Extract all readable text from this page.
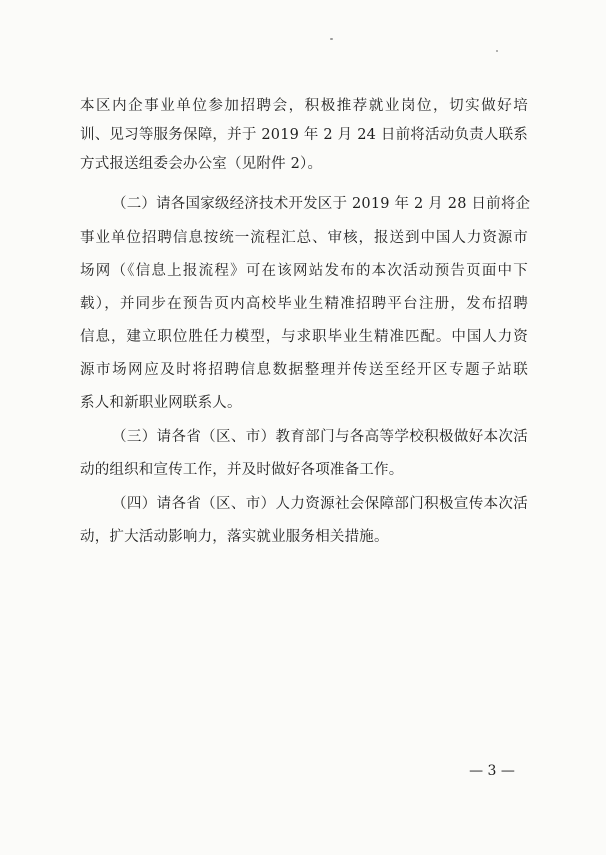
本区内企事业单位参加招聘会，积极推荐就业岗位，切实做好培
训、见习等服务保障，并于 2019 年 2 月 24 日前将活动负责人联系
方式报送组委会办公室（见附件 2）。
（二）请各国家级经济技术开发区于 2019 年 2 月 28 日前将企
事业单位招聘信息按统一流程汇总、审核，报送到中国人力资源市
场网（《信息上报流程》可在该网站发布的本次活动预告页面中下
载），并同步在预告页内高校毕业生精准招聘平台注册，发布招聘
信息，建立职位胜任力模型，与求职毕业生精准匹配。中国人力资
源市场网应及时将招聘信息数据整理并传送至经开区专题子站联
系人和新职业网联系人。
（三）请各省（区、市）教育部门与各高等学校积极做好本次活
动的组织和宣传工作，并及时做好各项准备工作。
（四）请各省（区、市）人力资源社会保障部门积极宣传本次活
动，扩大活动影响力，落实就业服务相关措施。
— 3 —
